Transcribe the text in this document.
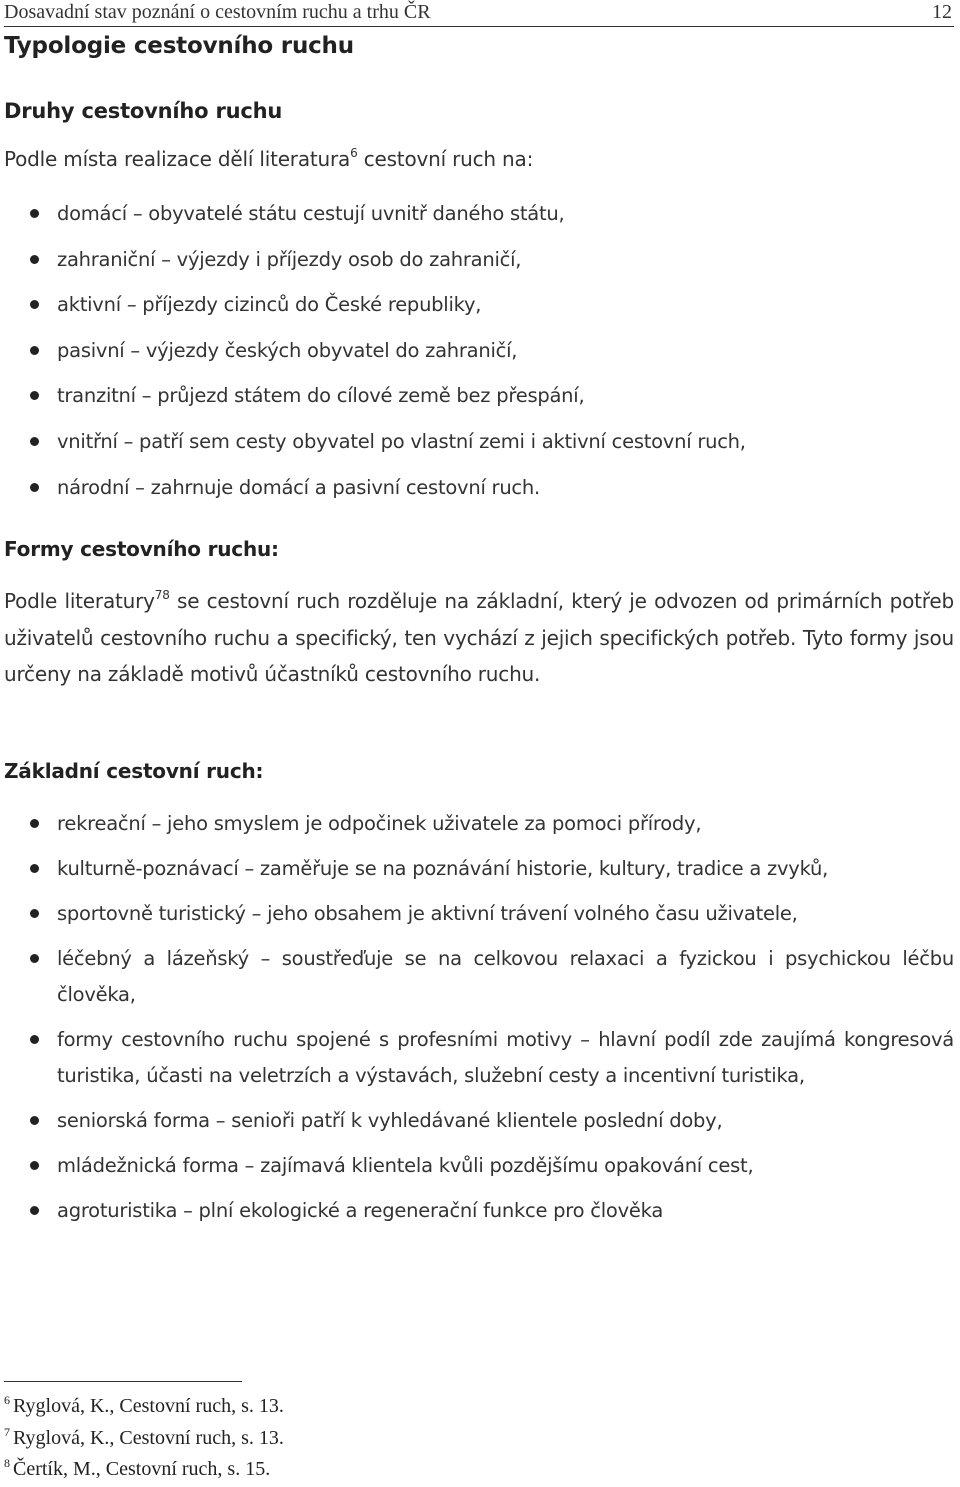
Dosavadní stav poznání o cestovním ruchu a trhu ČR	12
Typologie cestovního ruchu
Druhy cestovního ruchu

Podle místa realizace dělí literatura$^6$ cestovní ruch na:

domácí – obyvatelé státu cestují uvnitř daného státu,
zahraniční – výjezdy i příjezdy osob do zahraničí,
aktivní – příjezdy cizinců do České republiky,
pasivní – výjezdy českých obyvatel do zahraničí,
tranzitní – průjezd státem do cílové země bez přespání,
vnitřní – patří sem cesty obyvatel po vlastní zemi i aktivní cestovní ruch,
národní – zahrnuje domácí a pasivní cestovní ruch.
Formy cestovního ruchu:

Podle literatury$^{78}$ se cestovní ruch rozděluje na základní, který je odvozen od primárních potřeb uživatelů cestovního ruchu a specifický, ten vychází z jejich specifických potřeb. Tyto formy jsou určeny na základě motivů účastníků cestovního ruchu.

Základní cestovní ruch:
rekreační – jeho smyslem je odpočinek uživatele za pomoci přírody,
kulturně-poznávací – zaměřuje se na poznávání historie, kultury, tradice a zvyků,
sportovně turistický – jeho obsahem je aktivní trávení volného času uživatele,
léčebný a lázeňský – soustřeďuje se na celkovou relaxaci a fyzickou i psychickou léčbu člověka,
formy cestovního ruchu spojené s profesními motivy – hlavní podíl zde zaujímá kongresová turistika, účasti na veletrzích a výstavách, služební cesty a incentivní turistika,
seniorská forma – senioři patří k vyhledávané klientele poslední doby,
mládežnická forma – zajímavá klientela kvůli pozdějšímu opakování cest,
agroturistika – plní ekologické a regenerační funkce pro člověka
$^6$ Ryglová, K., Cestovní ruch, s. 13.
$^7$ Ryglová, K., Cestovní ruch, s. 13.
$^8$ Čertík, M., Cestovní ruch, s. 15.
